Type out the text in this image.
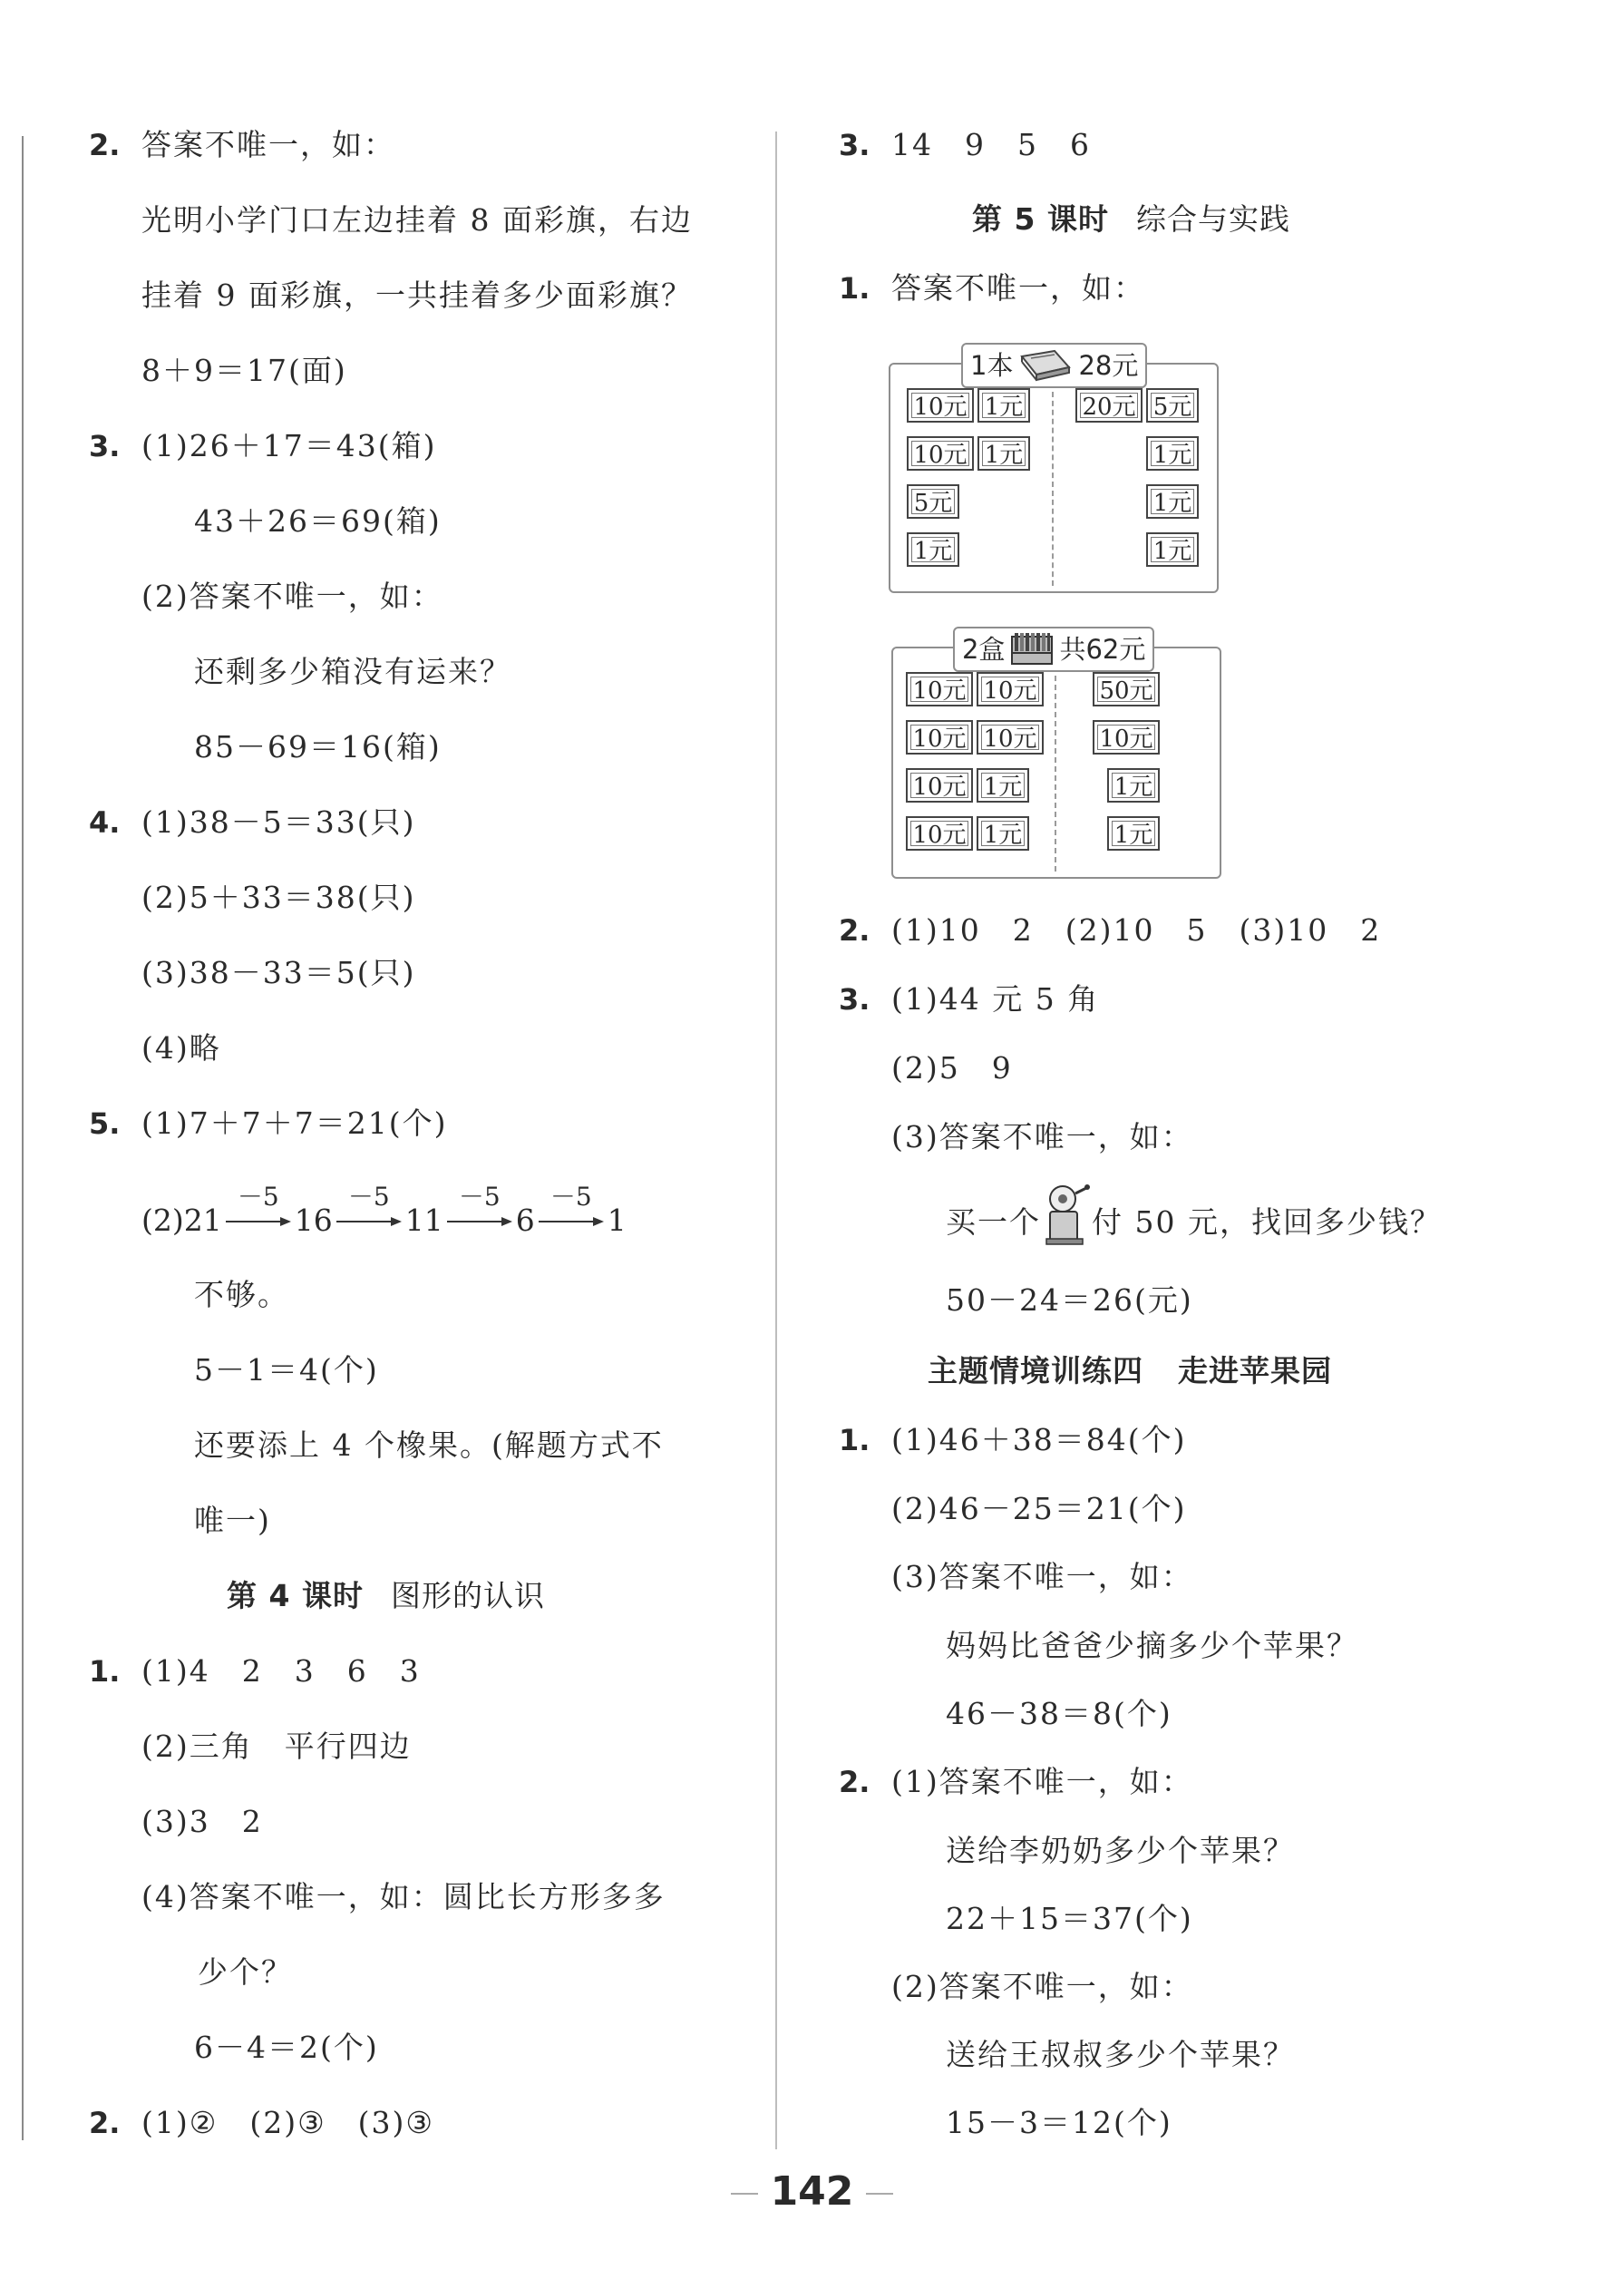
2. 答案不唯一，如：
光明小学门口左边挂着 8 面彩旗，右边
挂着 9 面彩旗，一共挂着多少面彩旗？
8＋9＝17(面)
3. (1)26＋17＝43(箱)
43＋26＝69(箱)
(2)答案不唯一，如：
还剩多少箱没有运来？
85－69＝16(箱)
4. (1)38－5＝33(只)
(2)5＋33＝38(只)
(3)38－33＝5(只)
(4)略
5. (1)7＋7＋7＝21(个)
(2)21
－5
16
－5
11
－5
6
－5
1
不够。
5－1＝4(个)
还要添上 4 个橡果。(解题方式不
唯一)
第 4 课时 图形的认识
1. (1)4　2　3　6　3
(2)三角　平行四边
(3)3　2
(4)答案不唯一，如：圆比长方形多多
少个？
6－4＝2(个)
2. (1)②　(2)③　(3)③
3. 14　9　5　6
第 5 课时 综合与实践
1. 答案不唯一，如：
1本 28元
10元 1元
10元 1元
5元
1元
20元 5元
1元
1元
1元
2盒 共62元
10元 10元
10元 10元
10元 1元
10元 1元
50元
10元
1元
1元
2. (1)10　2　(2)10　5　(3)10　2
3. (1)44 元 5 角
(2)5　9
(3)答案不唯一，如：
买一个 付 50 元，找回多少钱？
50－24＝26(元)
主题情境训练四 走进苹果园
1. (1)46＋38＝84(个)
(2)46－25＝21(个)
(3)答案不唯一，如：
妈妈比爸爸少摘多少个苹果？
46－38＝8(个)
2. (1)答案不唯一，如：
送给李奶奶多少个苹果？
22＋15＝37(个)
(2)答案不唯一，如：
送给王叔叔多少个苹果？
15－3＝12(个)
142
